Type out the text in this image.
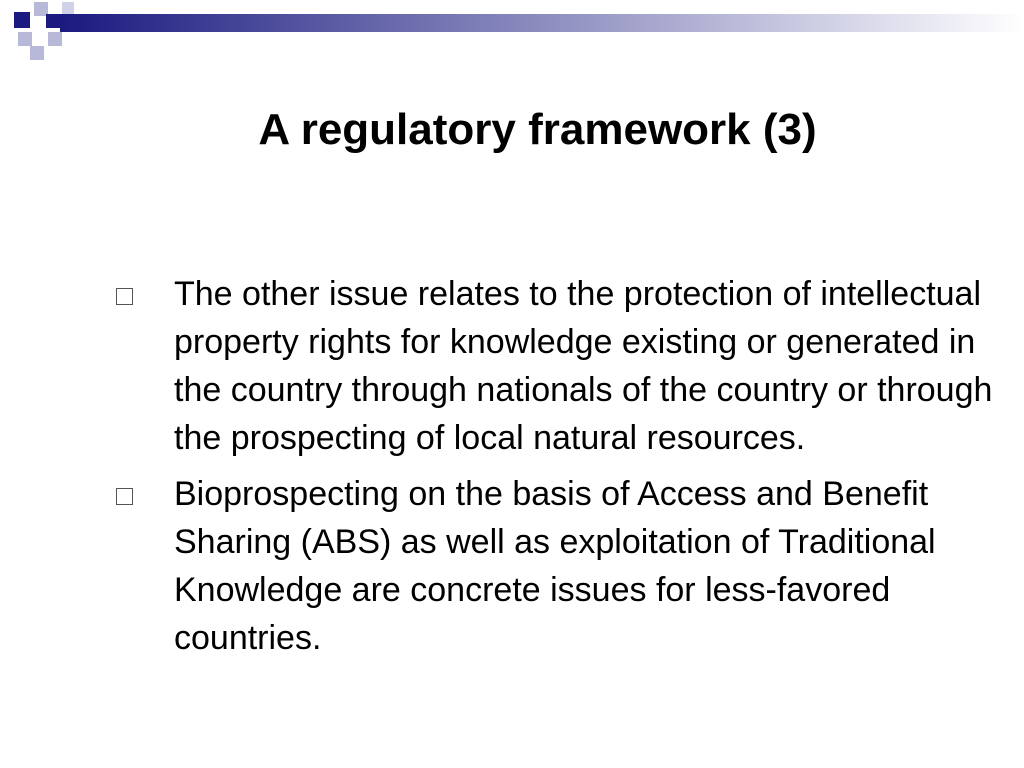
A regulatory framework (3)
The other issue relates to the protection of intellectual property rights for knowledge existing or generated in the country through nationals of the country or through the prospecting of local natural resources.
Bioprospecting on the basis of Access and Benefit Sharing (ABS) as well as exploitation of Traditional Knowledge are concrete issues for less-favored countries.
